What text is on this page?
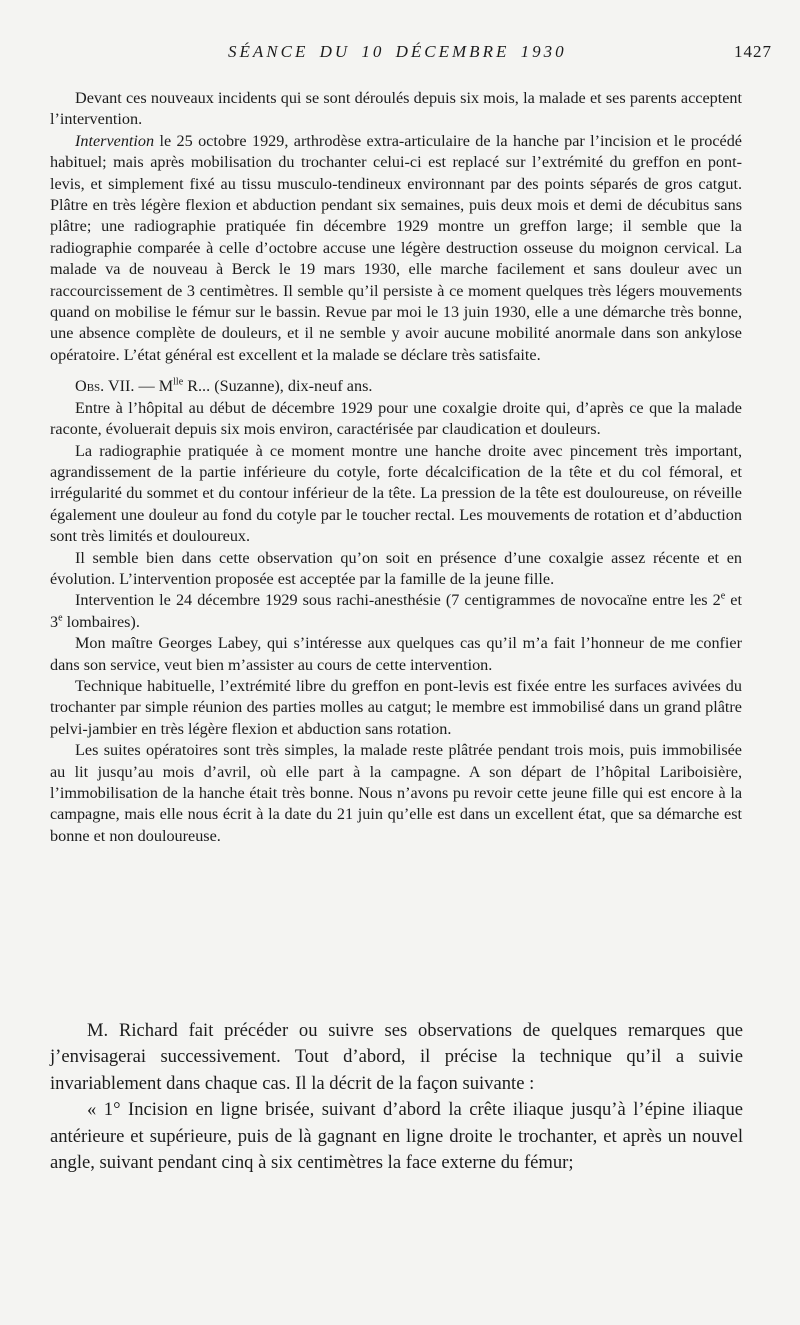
SÉANCE DU 10 DÉCEMBRE 1930	1427

Devant ces nouveaux incidents qui se sont déroulés depuis six mois, la malade et ses parents acceptent l’intervention.

Intervention le 25 octobre 1929, arthrodèse extra-articulaire de la hanche par l’incision et le procédé habituel; mais après mobilisation du trochanter celui-ci est replacé sur l’extrémité du greffon en pont-levis, et simplement fixé au tissu musculo-tendineux environnant par des points séparés de gros catgut. Plâtre en très légère flexion et abduction pendant six semaines, puis deux mois et demi de décubitus sans plâtre; une radiographie pratiquée fin décembre 1929 montre un greffon large; il semble que la radiographie comparée à celle d’octobre accuse une légère destruction osseuse du moignon cervical. La malade va de nouveau à Berck le 19 mars 1930, elle marche facilement et sans douleur avec un raccourcissement de 3 centimètres. Il semble qu’il persiste à ce moment quelques très légers mouvements quand on mobilise le fémur sur le bassin. Revue par moi le 13 juin 1930, elle a une démarche très bonne, une absence complète de douleurs, et il ne semble y avoir aucune mobilité anormale dans son ankylose opératoire. L’état général est excellent et la malade se déclare très satisfaite.

Obs. VII. — $M^{lle}$ R... (Suzanne), dix-neuf ans.

Entre à l’hôpital au début de décembre 1929 pour une coxalgie droite qui, d’après ce que la malade raconte, évoluerait depuis six mois environ, caractérisée par claudication et douleurs.

La radiographie pratiquée à ce moment montre une hanche droite avec pincement très important, agrandissement de la partie inférieure du cotyle, forte décalcification de la tête et du col fémoral, et irrégularité du sommet et du contour inférieur de la tête. La pression de la tête est douloureuse, on réveille également une douleur au fond du cotyle par le toucher rectal. Les mouvements de rotation et d’abduction sont très limités et douloureux.

Il semble bien dans cette observation qu’on soit en présence d’une coxalgie assez récente et en évolution. L’intervention proposée est acceptée par la famille de la jeune fille.

Intervention le 24 décembre 1929 sous rachi-anesthésie (7 centigrammes de novocaïne entre les 2e et 3e lombaires).

Mon maître Georges Labey, qui s’intéresse aux quelques cas qu’il m’a fait l’honneur de me confier dans son service, veut bien m’assister au cours de cette intervention.

Technique habituelle, l’extrémité libre du greffon en pont-levis est fixée entre les surfaces avivées du trochanter par simple réunion des parties molles au catgut; le membre est immobilisé dans un grand plâtre pelvi-jambier en très légère flexion et abduction sans rotation.

Les suites opératoires sont très simples, la malade reste plâtrée pendant trois mois, puis immobilisée au lit jusqu’au mois d’avril, où elle part à la campagne. A son départ de l’hôpital Lariboisière, l’immobilisation de la hanche était très bonne. Nous n’avons pu revoir cette jeune fille qui est encore à la campagne, mais elle nous écrit à la date du 21 juin qu’elle est dans un excellent état, que sa démarche est bonne et non douloureuse.

M. Richard fait précéder ou suivre ses observations de quelques remarques que j’envisagerai successivement. Tout d’abord, il précise la technique qu’il a suivie invariablement dans chaque cas. Il la décrit de la façon suivante :

« 1° Incision en ligne brisée, suivant d’abord la crête iliaque jusqu’à l’épine iliaque antérieure et supérieure, puis de là gagnant en ligne droite le trochanter, et après un nouvel angle, suivant pendant cinq à six centimètres la face externe du fémur;
